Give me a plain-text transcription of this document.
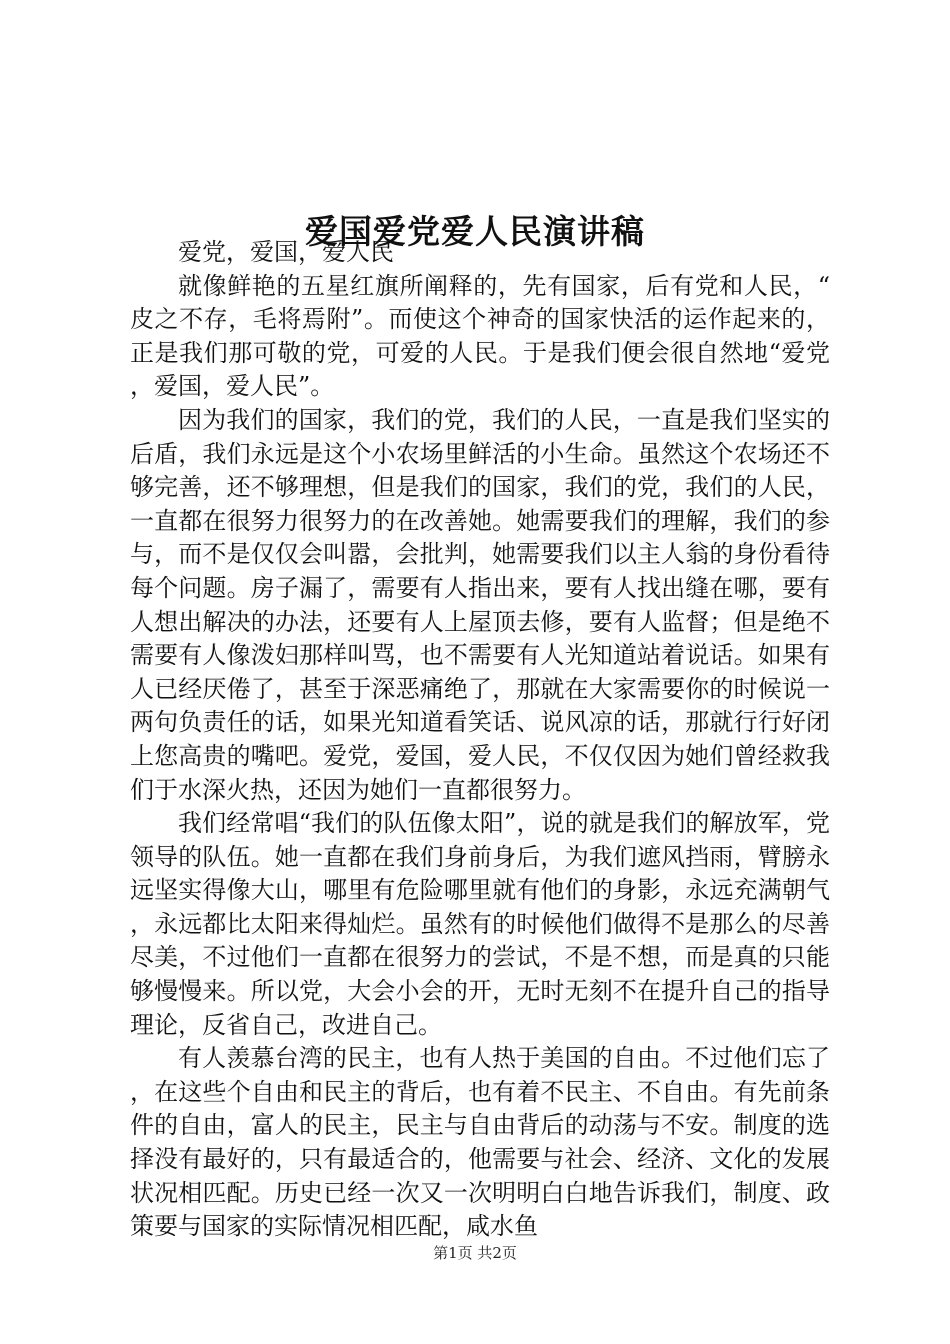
爱国爱党爱人民演讲稿

爱党，爱国，爱人民

就像鲜艳的五星红旗所阐释的，先有国家，后有党和人民，“皮之不存，毛将焉附”。而使这个神奇的国家快活的运作起来的，正是我们那可敬的党，可爱的人民。于是我们便会很自然地“爱党，爱国，爱人民”。

因为我们的国家，我们的党，我们的人民，一直是我们坚实的后盾，我们永远是这个小农场里鲜活的小生命。虽然这个农场还不够完善，还不够理想，但是我们的国家，我们的党，我们的人民，一直都在很努力很努力的在改善她。她需要我们的理解，我们的参与，而不是仅仅会叫嚣，会批判，她需要我们以主人翁的身份看待每个问题。房子漏了，需要有人指出来，要有人找出缝在哪，要有人想出解决的办法，还要有人上屋顶去修，要有人监督；但是绝不需要有人像泼妇那样叫骂，也不需要有人光知道站着说话。如果有人已经厌倦了，甚至于深恶痛绝了，那就在大家需要你的时候说一两句负责任的话，如果光知道看笑话、说风凉的话，那就行行好闭上您高贵的嘴吧。爱党，爱国，爱人民，不仅仅因为她们曾经救我们于水深火热，还因为她们一直都很努力。

我们经常唱“我们的队伍像太阳”，说的就是我们的解放军，党领导的队伍。她一直都在我们身前身后，为我们遮风挡雨，臂膀永远坚实得像大山，哪里有危险哪里就有他们的身影，永远充满朝气，永远都比太阳来得灿烂。虽然有的时候他们做得不是那么的尽善尽美，不过他们一直都在很努力的尝试，不是不想，而是真的只能够慢慢来。所以党，大会小会的开，无时无刻不在提升自己的指导理论，反省自己，改进自己。

有人羡慕台湾的民主，也有人热于美国的自由。不过他们忘了，在这些个自由和民主的背后，也有着不民主、不自由。有先前条件的自由，富人的民主，民主与自由背后的动荡与不安。制度的选择没有最好的，只有最适合的，他需要与社会、经济、文化的发展状况相匹配。历史已经一次又一次明明白白地告诉我们，制度、政策要与国家的实际情况相匹配，咸水鱼

第1页 共2页
